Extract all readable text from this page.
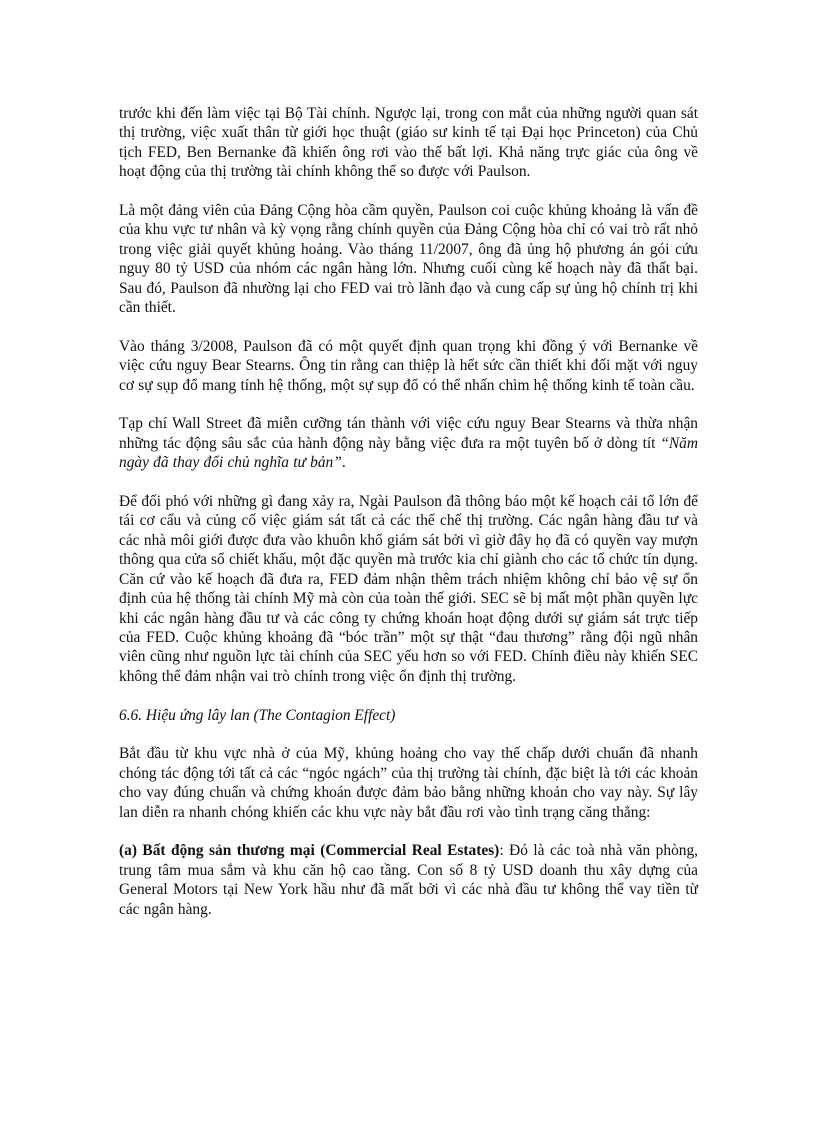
trước khi đến làm việc tại Bộ Tài chính. Ngược lại, trong con mắt của những người quan sát thị trường, việc xuất thân từ giới học thuật (giáo sư kinh tế tại Đại học Princeton) của Chủ tịch FED, Ben Bernanke đã khiến ông rơi vào thế bất lợi. Khả năng trực giác của ông về hoạt động của thị trường tài chính không thể so được với Paulson.

Là một đảng viên của Đảng Cộng hòa cầm quyền, Paulson coi cuộc khủng khoảng là vấn đề của khu vực tư nhân và kỳ vọng rằng chính quyền của Đảng Cộng hòa chỉ có vai trò rất nhỏ trong việc giải quyết khủng hoảng. Vào tháng 11/2007, ông đã ủng hộ phương án gói cứu nguy 80 tỷ USD của nhóm các ngân hàng lớn. Nhưng cuối cùng kế hoạch này đã thất bại. Sau đó, Paulson đã nhường lại cho FED vai trò lãnh đạo và cung cấp sự ủng hộ chính trị khi cần thiết.

Vào tháng 3/2008, Paulson đã có một quyết định quan trọng khi đồng ý với Bernanke về việc cứu nguy Bear Stearns. Ông tin rằng can thiệp là hết sức cần thiết khi đối mặt với nguy cơ sự sụp đổ mang tính hệ thống, một sự sụp đổ có thể nhấn chìm hệ thống kinh tế toàn cầu.

Tạp chí Wall Street đã miễn cưỡng tán thành với việc cứu nguy Bear Stearns và thừa nhận những tác động sâu sắc của hành động này bằng việc đưa ra một tuyên bố ở dòng tít “Năm ngày đã thay đổi chủ nghĩa tư bản”.

Để đối phó với những gì đang xảy ra, Ngài Paulson đã thông báo một kế hoạch cải tổ lớn để tái cơ cấu và củng cố việc giám sát tất cả các thể chế thị trường. Các ngân hàng đầu tư và các nhà môi giới được đưa vào khuôn khổ giám sát bởi vì giờ đây họ đã có quyền vay mượn thông qua cửa sổ chiết khấu, một đặc quyền mà trước kia chỉ giành cho các tổ chức tín dụng. Căn cứ vào kế hoạch đã đưa ra, FED đảm nhận thêm trách nhiệm không chỉ bảo vệ sự ổn định của hệ thống tài chính Mỹ mà còn của toàn thế giới. SEC sẽ bị mất một phần quyền lực khi các ngân hàng đầu tư và các công ty chứng khoán hoạt động dưới sự giám sát trực tiếp của FED. Cuộc khủng khoảng đã “bóc trần” một sự thật “đau thương” rằng đội ngũ nhân viên cũng như nguồn lực tài chính của SEC yếu hơn so với FED. Chính điều này khiến SEC không thể đảm nhận vai trò chính trong việc ổn định thị trường.

6.6. Hiệu ứng lây lan (The Contagion Effect)

Bắt đầu từ khu vực nhà ở của Mỹ, khủng hoảng cho vay thế chấp dưới chuẩn đã nhanh chóng tác động tới tất cả các “ngóc ngách” của thị trường tài chính, đặc biệt là tới các khoản cho vay đúng chuẩn và chứng khoán được đảm bảo bằng những khoản cho vay này. Sự lây lan diễn ra nhanh chóng khiến các khu vực này bắt đầu rơi vào tình trạng căng thẳng:

(a) Bất động sản thương mại (Commercial Real Estates): Đó là các toà nhà văn phòng, trung tâm mua sắm và khu căn hộ cao tầng. Con số 8 tỷ USD doanh thu xây dựng của General Motors tại New York hầu như đã mất bởi vì các nhà đầu tư không thể vay tiền từ các ngân hàng.
